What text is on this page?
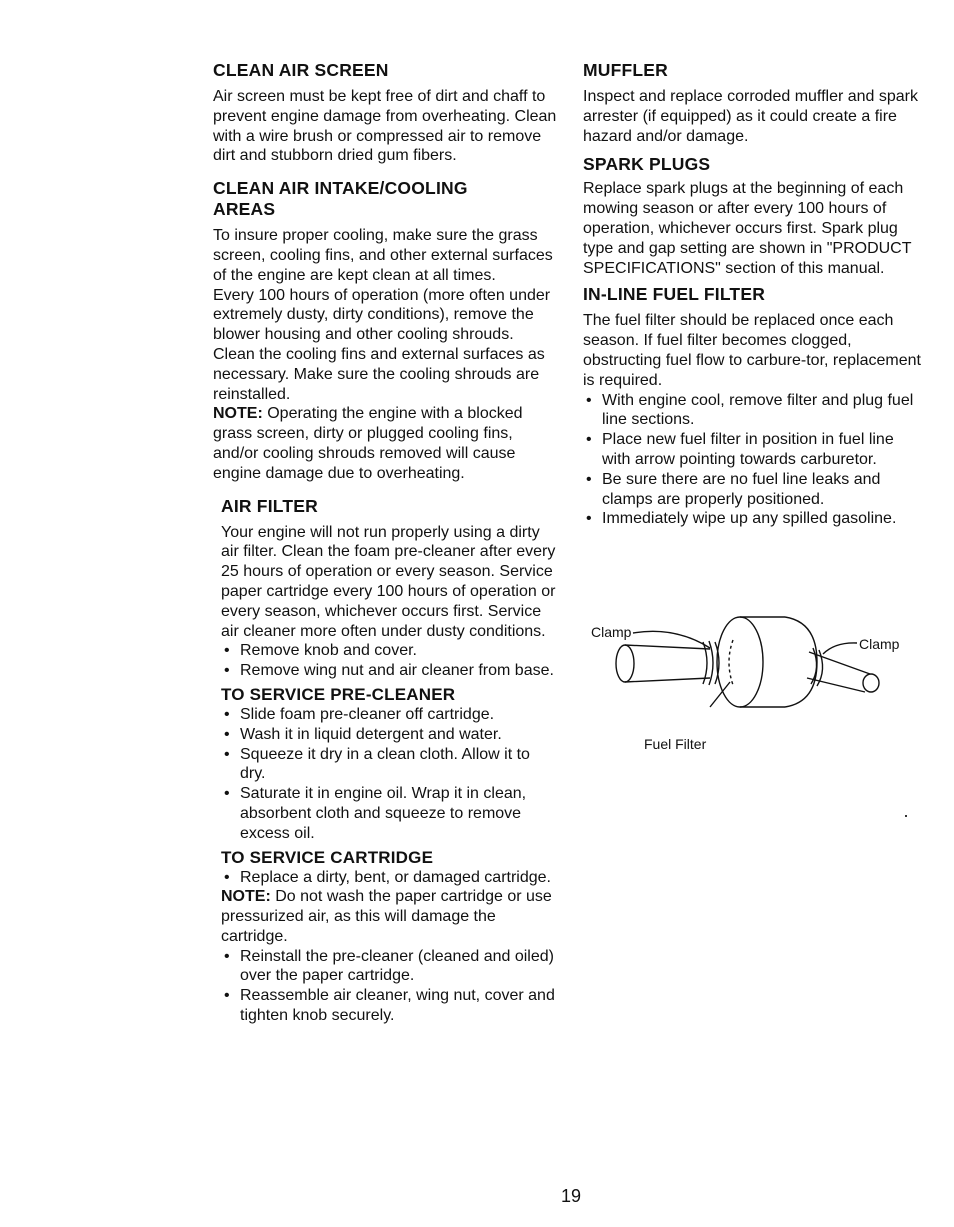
CLEAN AIR SCREEN

Air screen must be kept free of dirt and chaff to prevent engine damage from overheating. Clean with a wire brush or compressed air to remove dirt and stubborn dried gum fibers.

CLEAN AIR INTAKE/COOLING
AREAS

To insure proper cooling, make sure the grass screen, cooling fins, and other external surfaces of the engine are kept clean at all times.

Every 100 hours of operation (more often under extremely dusty, dirty conditions), remove the blower housing and other cooling shrouds. Clean the cooling fins and external surfaces as necessary. Make sure the cooling shrouds are reinstalled.

NOTE: Operating the engine with a blocked grass screen, dirty or plugged cooling fins, and/or cooling shrouds removed will cause engine damage due to overheating.

AIR FILTER

Your engine will not run properly using a dirty air filter. Clean the foam pre-cleaner after every 25 hours of operation or every season. Service paper cartridge every 100 hours of operation or every season, whichever occurs first. Service air cleaner more often under dusty conditions.

• Remove knob and cover.
• Remove wing nut and air cleaner from base.
TO SERVICE PRE-CLEANER
• Slide foam pre-cleaner off cartridge.
• Wash it in liquid detergent and water.
• Squeeze it dry in a clean cloth. Allow it to dry.
• Saturate it in engine oil. Wrap it in clean, absorbent cloth and squeeze to remove excess oil.
TO SERVICE CARTRIDGE
• Replace a dirty, bent, or damaged cartridge.

NOTE: Do not wash the paper cartridge or use pressurized air, as this will damage the cartridge.

• Reinstall the pre-cleaner (cleaned and oiled) over the paper cartridge.
• Reassemble air cleaner, wing nut, cover and tighten knob securely.
MUFFLER

Inspect and replace corroded muffler and spark arrester (if equipped) as it could create a fire hazard and/or damage.

SPARK PLUGS

Replace spark plugs at the beginning of each mowing season or after every 100 hours of operation, whichever occurs first. Spark plug type and gap setting are shown in "PRODUCT SPECIFICATIONS" section of this manual.

IN-LINE FUEL FILTER

The fuel filter should be replaced once each season. If fuel filter becomes clogged, obstructing fuel flow to carbure-tor, replacement is required.

• With engine cool, remove filter and plug fuel line sections.
• Place new fuel filter in position in fuel line with arrow pointing towards carburetor.
• Be sure there are no fuel line leaks and clamps are properly positioned.
• Immediately wipe up any spilled gasoline.
Clamp
Clamp
Fuel Filter
19
